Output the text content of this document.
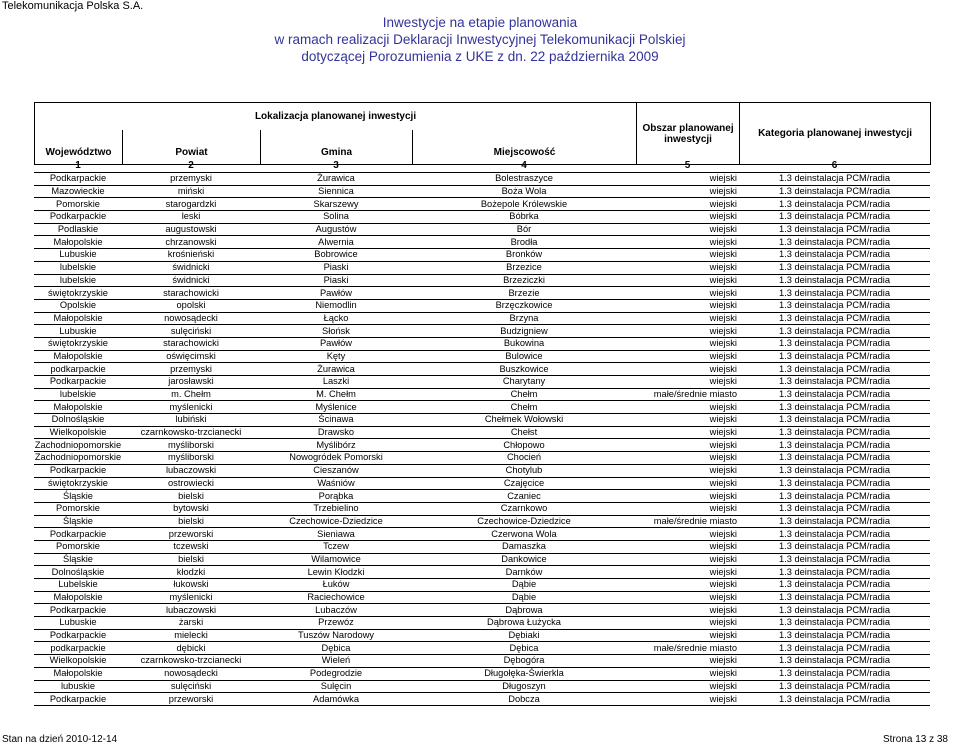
Telekomunikacja Polska S.A.
Inwestycje na etapie planowania
w ramach realizacji Deklaracji Inwestycyjnej Telekomunikacji Polskiej
dotyczącej Porozumienia z UKE z dn. 22 października 2009
Lokalizacja planowanej inwestycji				Obszar planowanej inwestycji	Kategoria planowanej inwestycji
Województwo	Powiat	Gmina	Miejscowość		
1	2	3	4	5	6
Podkarpackie	przemyski	Żurawica	Bolestraszyce	wiejski	1.3 deinstalacja PCM/radia
Mazowieckie	miński	Siennica	Boża Wola	wiejski	1.3 deinstalacja PCM/radia
Pomorskie	starogardzki	Skarszewy	Bożepole Królewskie	wiejski	1.3 deinstalacja PCM/radia
Podkarpackie	leski	Solina	Bóbrka	wiejski	1.3 deinstalacja PCM/radia
Podlaskie	augustowski	Augustów	Bór	wiejski	1.3 deinstalacja PCM/radia
Małopolskie	chrzanowski	Alwernia	Brodła	wiejski	1.3 deinstalacja PCM/radia
Lubuskie	krośnieński	Bobrowice	Bronków	wiejski	1.3 deinstalacja PCM/radia
lubelskie	świdnicki	Piaski	Brzezice	wiejski	1.3 deinstalacja PCM/radia
lubelskie	świdnicki	Piaski	Brzeziczki	wiejski	1.3 deinstalacja PCM/radia
świętokrzyskie	starachowicki	Pawłów	Brzezie	wiejski	1.3 deinstalacja PCM/radia
Opolskie	opolski	Niemodlin	Brzęczkowice	wiejski	1.3 deinstalacja PCM/radia
Małopolskie	nowosądecki	Łącko	Brzyna	wiejski	1.3 deinstalacja PCM/radia
Lubuskie	sulęciński	Słońsk	Budzigniew	wiejski	1.3 deinstalacja PCM/radia
świętokrzyskie	starachowicki	Pawłów	Bukowina	wiejski	1.3 deinstalacja PCM/radia
Małopolskie	oświęcimski	Kęty	Bulowice	wiejski	1.3 deinstalacja PCM/radia
podkarpackie	przemyski	Żurawica	Buszkowice	wiejski	1.3 deinstalacja PCM/radia
Podkarpackie	jarosławski	Laszki	Charytany	wiejski	1.3 deinstalacja PCM/radia
lubelskie	m. Chełm	M. Chełm	Chełm	małe/średnie miasto	1.3 deinstalacja PCM/radia
Małopolskie	myślenicki	Myślenice	Chełm	wiejski	1.3 deinstalacja PCM/radia
Dolnośląskie	lubiński	Ścinawa	Chełmek Wołowski	wiejski	1.3 deinstalacja PCM/radia
Wielkopolskie	czarnkowsko-trzcianecki	Drawsko	Chełst	wiejski	1.3 deinstalacja PCM/radia
Zachodniopomorskie	myśliborski	Myślibórz	Chłopowo	wiejski	1.3 deinstalacja PCM/radia
Zachodniopomorskie	myśliborski	Nowogródek Pomorski	Chocień	wiejski	1.3 deinstalacja PCM/radia
Podkarpackie	lubaczowski	Cieszanów	Chotylub	wiejski	1.3 deinstalacja PCM/radia
świętokrzyskie	ostrowiecki	Waśniów	Czajęcice	wiejski	1.3 deinstalacja PCM/radia
Śląskie	bielski	Porąbka	Czaniec	wiejski	1.3 deinstalacja PCM/radia
Pomorskie	bytowski	Trzebielino	Czarnkowo	wiejski	1.3 deinstalacja PCM/radia
Śląskie	bielski	Czechowice-Dziedzice	Czechowice-Dziedzice	małe/średnie miasto	1.3 deinstalacja PCM/radia
Podkarpackie	przeworski	Sieniawa	Czerwona Wola	wiejski	1.3 deinstalacja PCM/radia
Pomorskie	tczewski	Tczew	Damaszka	wiejski	1.3 deinstalacja PCM/radia
Śląskie	bielski	Wilamowice	Dankowice	wiejski	1.3 deinstalacja PCM/radia
Dolnośląskie	kłodzki	Lewin Kłodzki	Darnków	wiejski	1.3 deinstalacja PCM/radia
Lubelskie	łukowski	Łuków	Dąbie	wiejski	1.3 deinstalacja PCM/radia
Małopolskie	myślenicki	Raciechowice	Dąbie	wiejski	1.3 deinstalacja PCM/radia
Podkarpackie	lubaczowski	Lubaczów	Dąbrowa	wiejski	1.3 deinstalacja PCM/radia
Lubuskie	żarski	Przewóz	Dąbrowa Łużycka	wiejski	1.3 deinstalacja PCM/radia
Podkarpackie	mielecki	Tuszów Narodowy	Dębiaki	wiejski	1.3 deinstalacja PCM/radia
podkarpackie	dębicki	Dębica	Dębica	małe/średnie miasto	1.3 deinstalacja PCM/radia
Wielkopolskie	czarnkowsko-trzcianecki	Wieleń	Dębogóra	wiejski	1.3 deinstalacja PCM/radia
Małopolskie	nowosądecki	Podegrodzie	Długołęka-Świerkla	wiejski	1.3 deinstalacja PCM/radia
lubuskie	sulęciński	Sulęcin	Długoszyn	wiejski	1.3 deinstalacja PCM/radia
Podkarpackie	przeworski	Adamówka	Dobcza	wiejski	1.3 deinstalacja PCM/radia
Stan na dzień 2010-12-14	Strona 13 z 38
